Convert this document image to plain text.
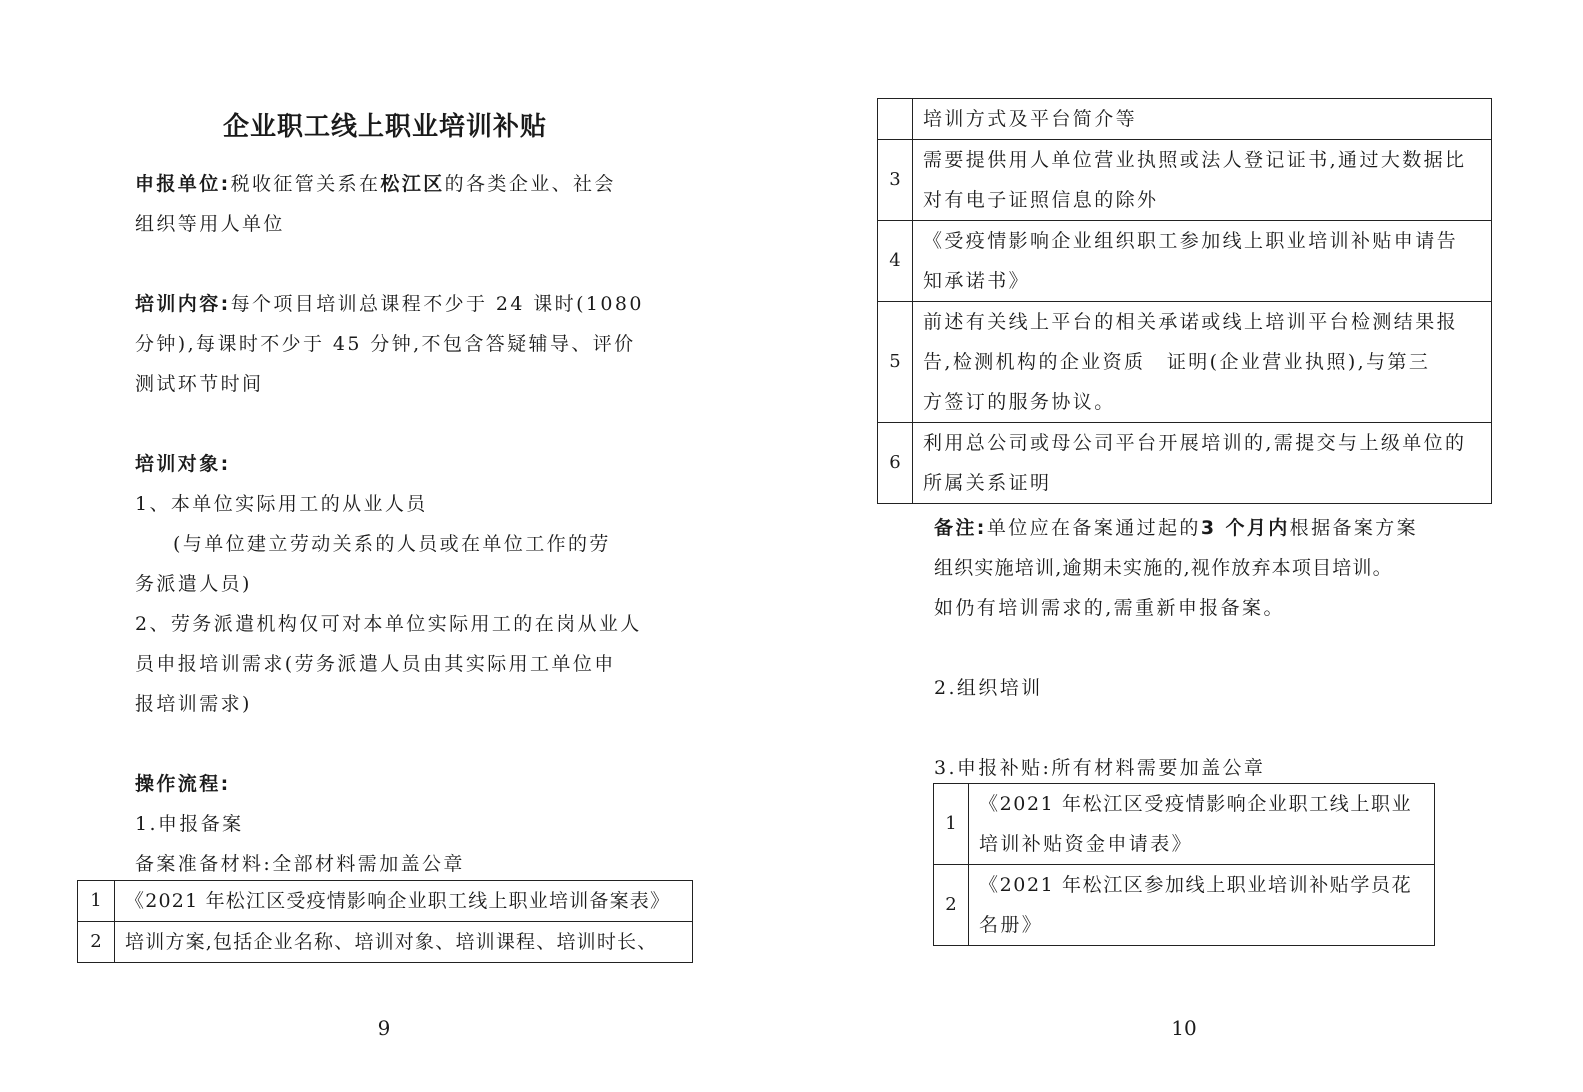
企业职工线上职业培训补贴

申报单位:税收征管关系在松江区的各类企业、社会

组织等用人单位

培训内容:每个项目培训总课程不少于 24 课时(1080

分钟),每课时不少于 45 分钟,不包含答疑辅导、评价

测试环节时间

培训对象:

1、本单位实际用工的从业人员

(与单位建立劳动关系的人员或在单位工作的劳

务派遣人员)

2、劳务派遣机构仅可对本单位实际用工的在岗从业人

员申报培训需求(劳务派遣人员由其实际用工单位申

报培训需求)

操作流程:

1.申报备案

备案准备材料:全部材料需加盖公章

1	《2021 年松江区受疫情影响企业职工线上职业培训备案表》
2	培训方案,包括企业名称、培训对象、培训课程、培训时长、
9

	培训方式及平台简介等

3	需要提供用人单位营业执照或法人登记证书,通过大数据比
对有电子证照信息的除外

4	《受疫情影响企业组织职工参加线上职业培训补贴申请告
知承诺书》

5	前述有关线上平台的相关承诺或线上培训平台检测结果报
告,检测机构的企业资质　证明(企业营业执照),与第三
方签订的服务协议。

6	利用总公司或母公司平台开展培训的,需提交与上级单位的
所属关系证明

备注:单位应在备案通过起的3 个月内根据备案方案

组织实施培训,逾期未实施的,视作放弃本项目培训。

如仍有培训需求的,需重新申报备案。

2.组织培训
3.申报补贴:所有材料需要加盖公章
1	《2021 年松江区受疫情影响企业职工线上职业
培训补贴资金申请表》

2	《2021 年松江区参加线上职业培训补贴学员花
名册》
10
